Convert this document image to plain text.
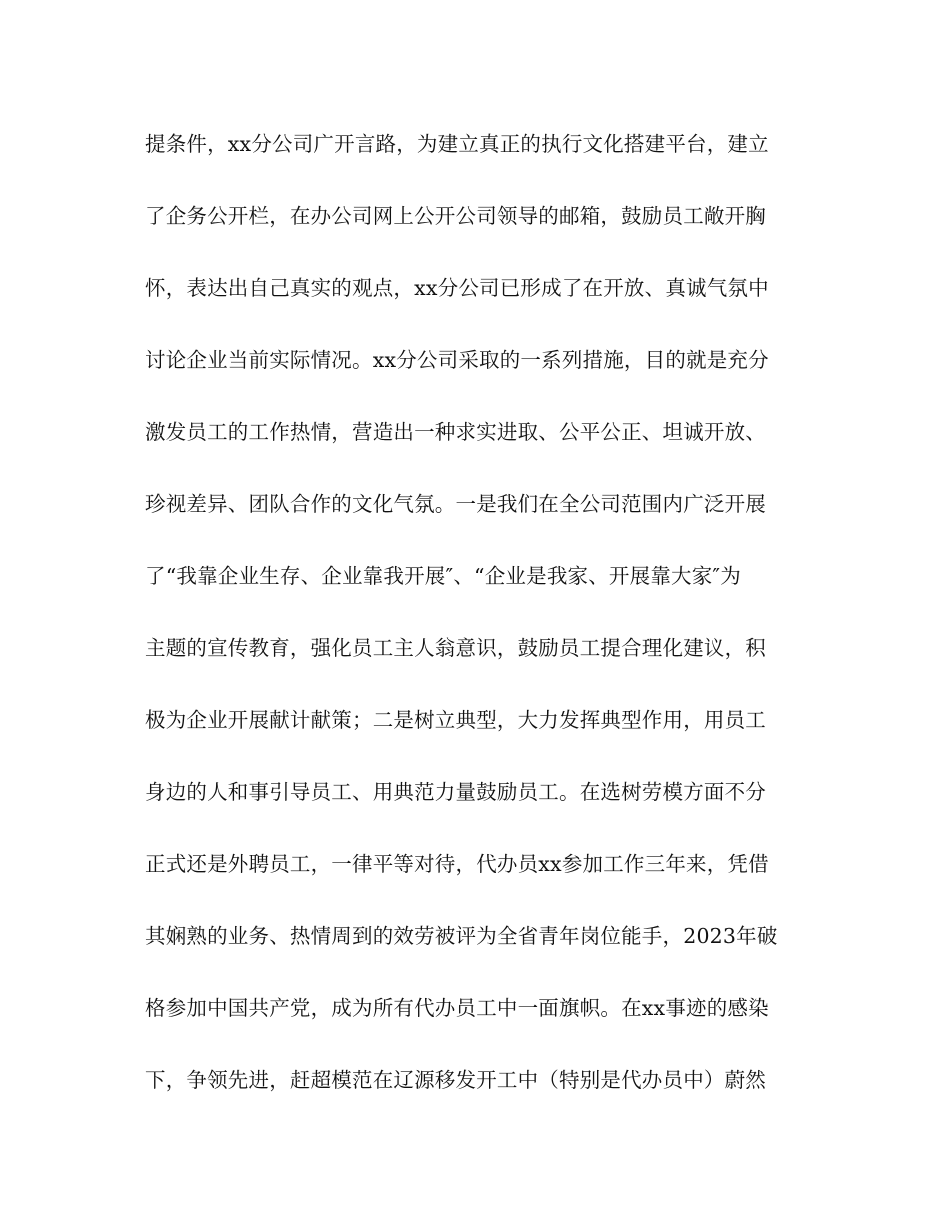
提条件，xx分公司广开言路，为建立真正的执行文化搭建平台，建立
了企务公开栏，在办公司网上公开公司领导的邮箱，鼓励员工敞开胸
怀，表达出自己真实的观点，xx分公司已形成了在开放、真诚气氛中
讨论企业当前实际情况。xx分公司采取的一系列措施，目的就是充分
激发员工的工作热情，营造出一种求实进取、公平公正、坦诚开放、
珍视差异、团队合作的文化气氛。一是我们在全公司范围内广泛开展
了“我靠企业生存、企业靠我开展″、“企业是我家、开展靠大家″为
主题的宣传教育，强化员工主人翁意识，鼓励员工提合理化建议，积
极为企业开展献计献策；二是树立典型，大力发挥典型作用，用员工
身边的人和事引导员工、用典范力量鼓励员工。在选树劳模方面不分
正式还是外聘员工，一律平等对待，代办员xx参加工作三年来，凭借
其娴熟的业务、热情周到的效劳被评为全省青年岗位能手，2023年破
格参加中国共产党，成为所有代办员工中一面旗帜。在xx事迹的感染
下，争领先进，赶超模范在辽源移发开工中（特别是代办员中）蔚然
